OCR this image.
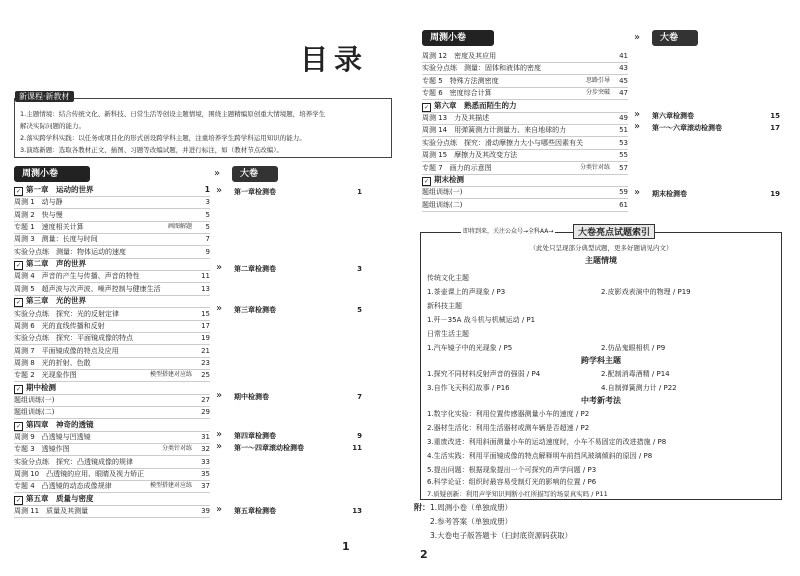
目录
新课程·新教材
1.主题情境：结合传统文化、新科技、日常生活等创设主题情境，围绕主题精编原创重大情境题，培养学生
解决实际问题的能力。
2.落实跨学科实践：以任务或项目化的形式创设跨学科主题，注重培养学生跨学科运用知识的能力。
3.演练新题：选取各教材正文、插图、习题等改编试题，并进行标注，如（教材节点改编）。
周测小卷	大卷
»
✓ 第一章　运动的世界	1
周测 1　动与静	3
周测 2　快与慢	5
专题 1　速度相关计算	画图解题 5
周测 3　测量：长度与时间	7
实验分点练　测量：物体运动的速度	9
✓ 第二章　声的世界
周测 4　声音的产生与传播、声音的特性	11
周测 5　超声波与次声波、噪声控制与健康生活	13
✓ 第三章　光的世界
实验分点练　探究：光的反射定律	15
周测 6　光的直线传播和反射	17
实验分点练　探究：平面镜成像的特点	19
周测 7　平面镜成像的特点及应用	21
周测 8　光的折射、色散	23
专题 2　光现象作图	模型搭建对应练 25
✓ 期中检测
题组训练(一)	27
题组训练(二)	29
✓ 第四章　神奇的透镜
周测 9　凸透镜与凹透镜	31
专题 3　透镜作图	分类针对练 32
实验分点练　探究：凸透镜成像的规律	33
周测 10　凸透镜的应用、眼睛及视力矫正	35
专题 4　凸透镜的动态成像规律	模型搭建对应练 37
✓ 第五章　质量与密度
周测 11　质量及其测量	39
第一章检测卷	1
»
第二章检测卷	3
»
第三章检测卷	5
»
期中检测卷	7
»
第四章检测卷	9
»
第一～四章滚动检测卷	11
»
第五章检测卷	13
»
1
周测小卷	大卷
»
周测 12　密度及其应用	41
实验分点练　测量：固体和液体的密度	43
专题 5　特殊方法测密度	思路引导 45
专题 6　密度综合计算	分步突破 47
✓ 第六章　熟悉而陌生的力
周测 13　力及其描述	49
周测 14　用弹簧测力计测量力、来自地球的力	51
实验分点练　探究：滑动摩擦力大小与哪些因素有关	53
周测 15　摩擦力及其改变方法	55
专题 7　画力的示意图	分类针对练 57
✓ 期末检测
题组训练(一)	59
题组训练(二)	61
第六章检测卷	15
»
第一～六章滚动检测卷	17
»
期末检测卷	19
»
即将到来，关注公众号→全科AA→	大卷亮点试题索引
（此处只呈现部分典型试题，更多好题请见内文）
主题情境
传统文化主题
1.茶壶课上的声现象 / P3	2.皮影戏表演中的物理 / P19
新科技主题
1.歼－35A 战斗机与机械运动 / P1
日常生活主题
1.汽车镜子中的光现象 / P5	2.仿品鬼眼相机 / P9
跨学科主题
1.探究不同材料反射声音的强弱 / P4	2.配制消毒酒精 / P14
3.自作飞天科幻故事 / P16	4.自制弹簧测力计 / P22
中考新考法
1.数字化实验：利用位置传感器测量小车的速度 / P2
2.器材生活化：利用生活器材或测车辆是否超速 / P2
3.重废改进：利用斜面测量小车的运动速度时，小车不易固定的改进措施 / P8
4.生活实践：利用平面镜成像的特点解释明车前挡风玻璃倾斜的原因 / P8
5.提出问题：根据现象提出一个可探究的声学问题 / P3
6.科学论证：组织时最容易受制灯光的影响的位置 / P6
7.质疑创新：利用声学知识判断小红所描写的场景真实吗 / P11
附： 1.周测小卷（单独成册）
2.参考答案（单独成册）
3.大卷电子版答题卡（扫封底资源码获取）
2
